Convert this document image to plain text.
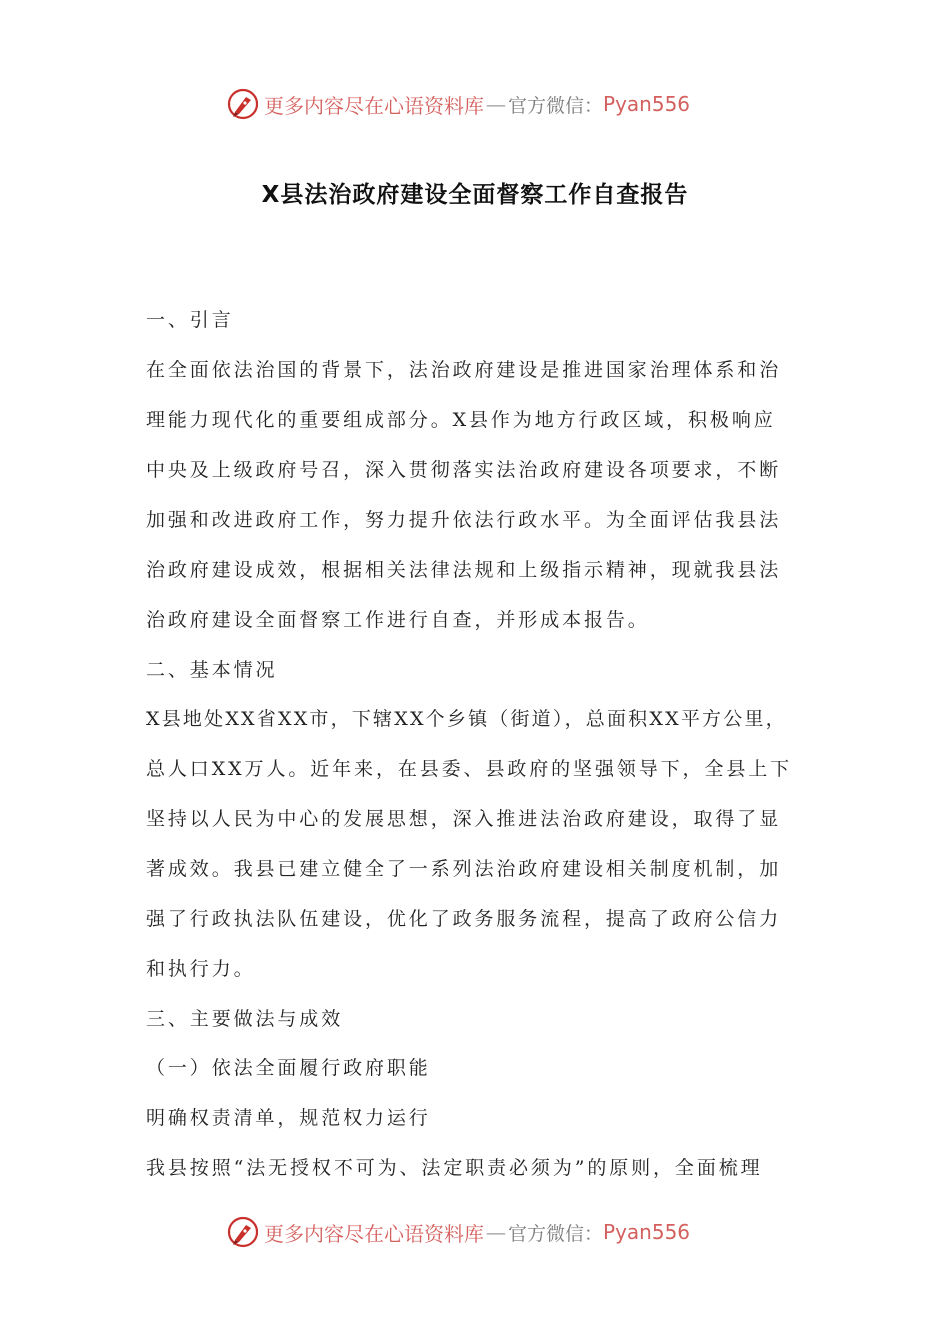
更多内容尽在心语资料库 — 官方微信： Pyan556
X县法治政府建设全面督察工作自查报告
一、引言
在全面依法治国的背景下，法治政府建设是推进国家治理体系和治
理能力现代化的重要组成部分。X县作为地方行政区域，积极响应
中央及上级政府号召，深入贯彻落实法治政府建设各项要求，不断
加强和改进政府工作，努力提升依法行政水平。为全面评估我县法
治政府建设成效，根据相关法律法规和上级指示精神，现就我县法
治政府建设全面督察工作进行自查，并形成本报告。
二、基本情况
X县地处XX省XX市，下辖XX个乡镇（街道），总面积XX平方公里，
总人口XX万人。近年来，在县委、县政府的坚强领导下，全县上下
坚持以人民为中心的发展思想，深入推进法治政府建设，取得了显
著成效。我县已建立健全了一系列法治政府建设相关制度机制，加
强了行政执法队伍建设，优化了政务服务流程，提高了政府公信力
和执行力。
三、主要做法与成效
（一）依法全面履行政府职能
明确权责清单，规范权力运行
我县按照“法无授权不可为、法定职责必须为”的原则，全面梳理
更多内容尽在心语资料库 — 官方微信： Pyan556
